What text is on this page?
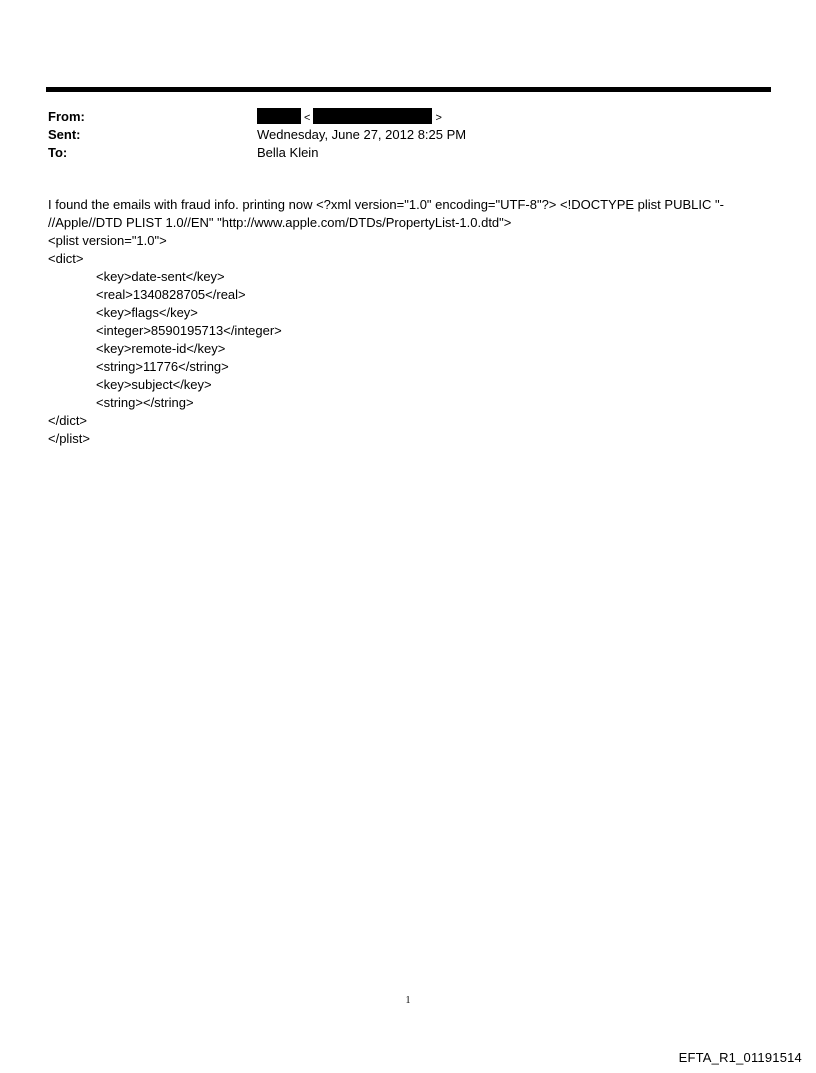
From:	<	>
Sent:	Wednesday, June 27, 2012 8:25 PM
To:	Bella Klein
I found the emails with fraud info. printing now <?xml version="1.0" encoding="UTF-8"?> <!DOCTYPE plist PUBLIC "-
//Apple//DTD PLIST 1.0//EN" "http://www.apple.com/DTDs/PropertyList-1.0.dtd">
<plist version="1.0">
<dict>
<key>date-sent</key>
<real>1340828705</real>
<key>flags</key>
<integer>8590195713</integer>
<key>remote-id</key>
<string>11776</string>
<key>subject</key>
<string></string>
</dict>
</plist>
1
EFTA_R1_01191514
